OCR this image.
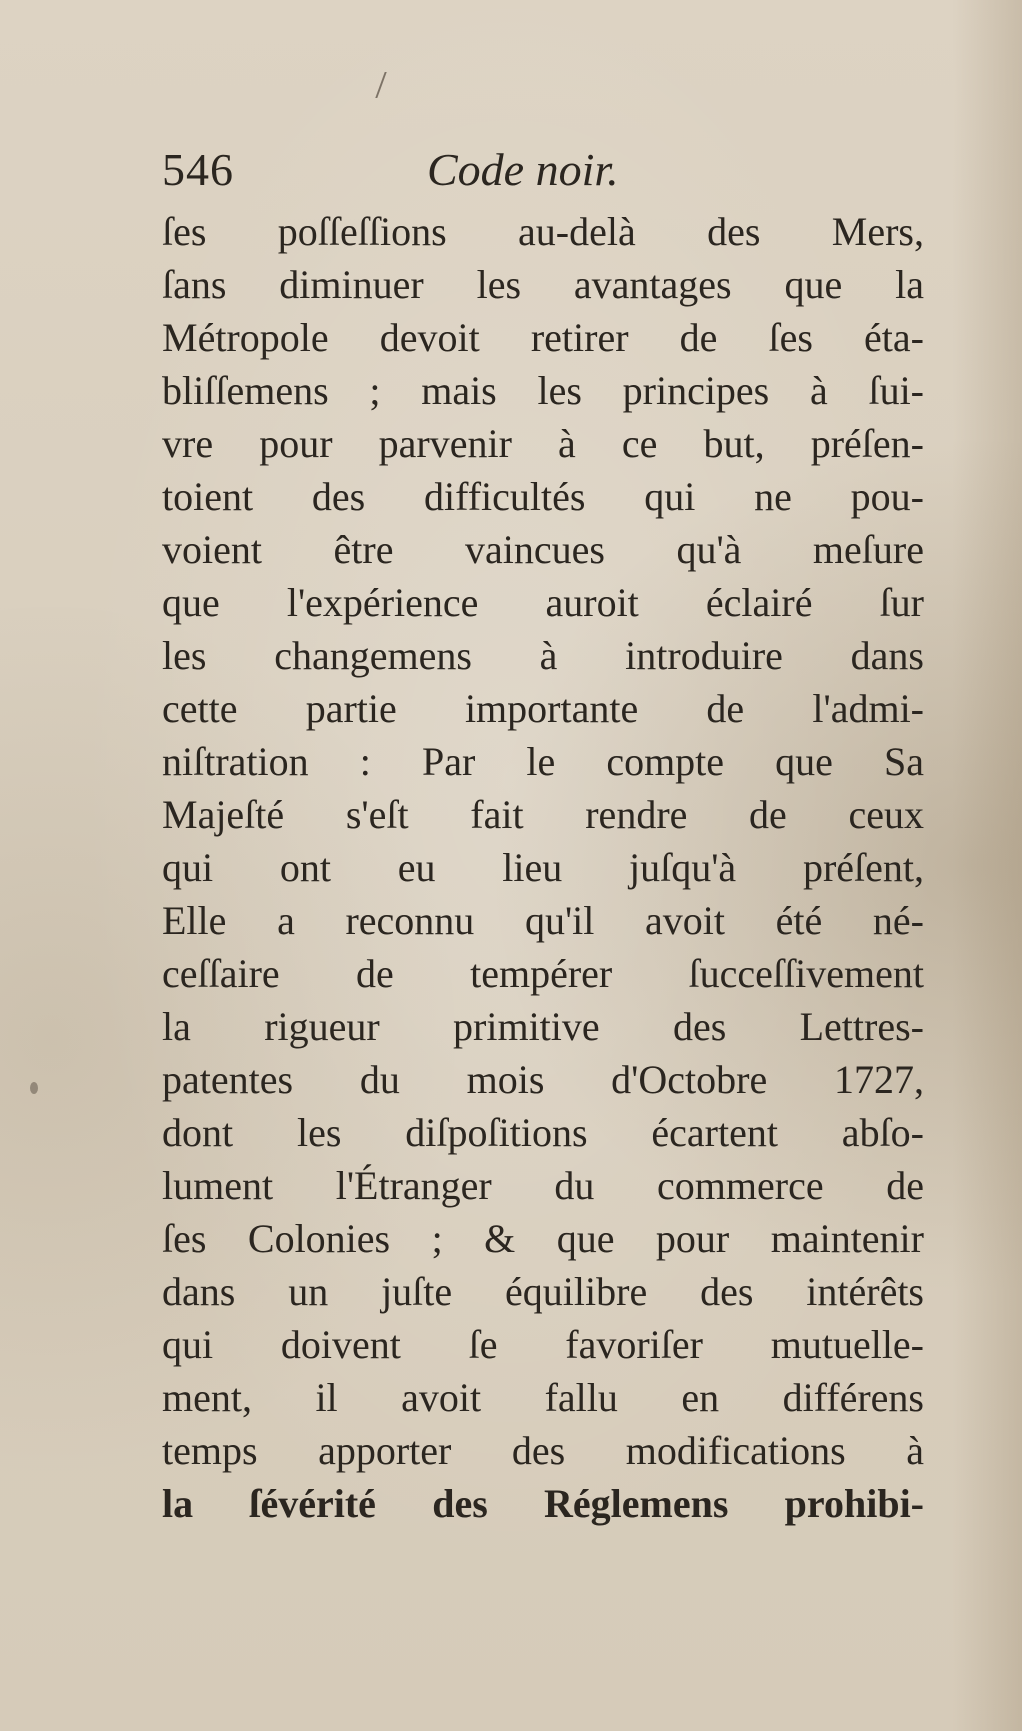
546	Code noir.
ſes poſſeſſions au-delà des Mers,
ſans diminuer les avantages que la
Métropole devoit retirer de ſes éta-
bliſſemens ; mais les principes à ſui-
vre pour parvenir à ce but, préſen-
toient des difficultés qui ne pou-
voient être vaincues qu'à meſure
que l'expérience auroit éclairé ſur
les changemens à introduire dans
cette partie importante de l'admi-
niſtration : Par le compte que Sa
Majeſté s'eſt fait rendre de ceux
qui ont eu lieu juſqu'à préſent,
Elle a reconnu qu'il avoit été né-
ceſſaire de tempérer ſucceſſivement
la rigueur primitive des Lettres-
patentes du mois d'Octobre 1727,
dont les diſpoſitions écartent abſo-
lument l'Étranger du commerce de
ſes Colonies ; & que pour maintenir
dans un juſte équilibre des intérêts
qui doivent ſe favoriſer mutuelle-
ment, il avoit fallu en différens
temps apporter des modifications à
la ſévérité des Réglemens prohibi-
